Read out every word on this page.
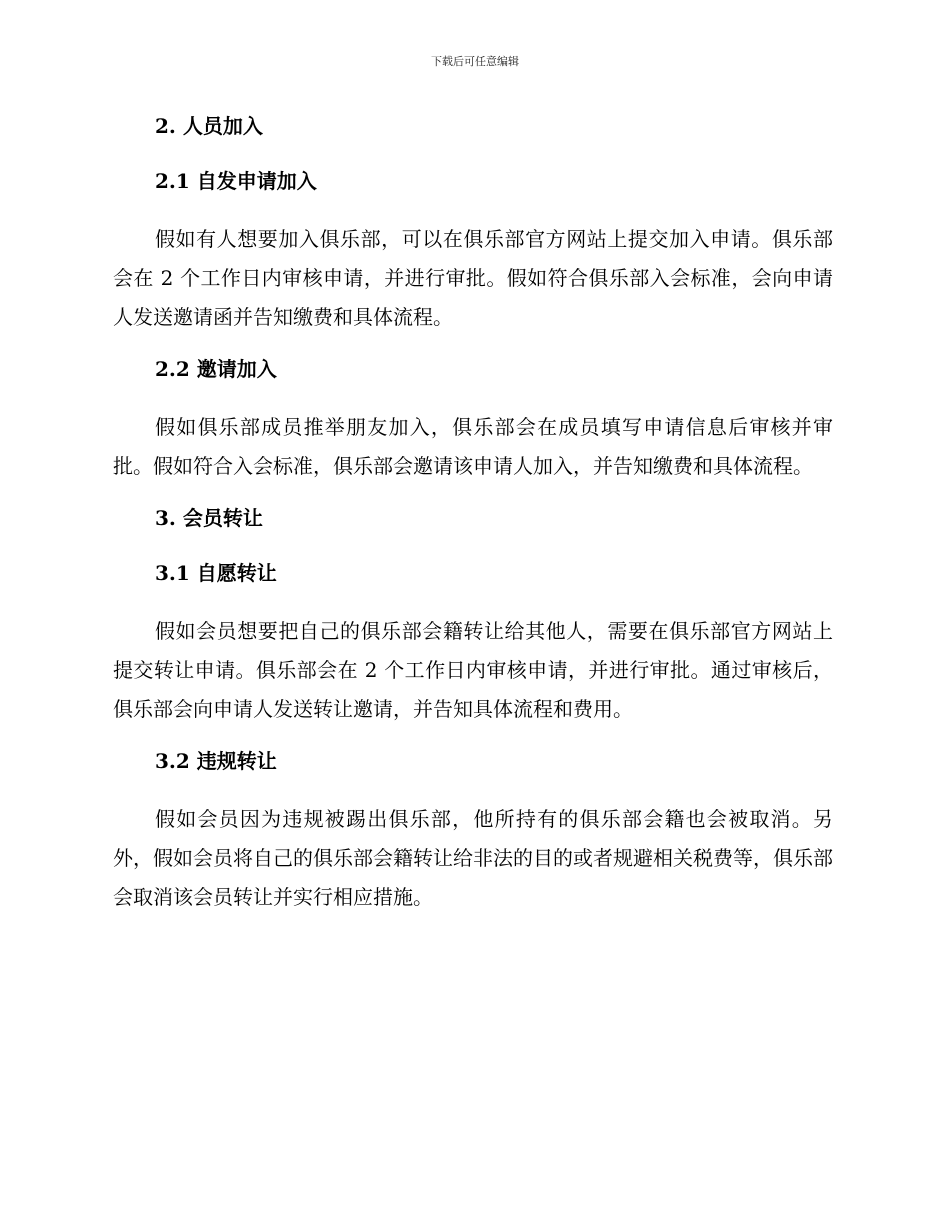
下载后可任意编辑
2. 人员加入
2.1 自发申请加入

假如有人想要加入俱乐部，可以在俱乐部官方网站上提交加入申请。俱乐部会在 2 个工作日内审核申请，并进行审批。假如符合俱乐部入会标准，会向申请人发送邀请函并告知缴费和具体流程。

2.2 邀请加入

假如俱乐部成员推举朋友加入，俱乐部会在成员填写申请信息后审核并审批。假如符合入会标准，俱乐部会邀请该申请人加入，并告知缴费和具体流程。

3. 会员转让
3.1 自愿转让

假如会员想要把自己的俱乐部会籍转让给其他人，需要在俱乐部官方网站上提交转让申请。俱乐部会在 2 个工作日内审核申请，并进行审批。通过审核后，俱乐部会向申请人发送转让邀请，并告知具体流程和费用。

3.2 违规转让

假如会员因为违规被踢出俱乐部，他所持有的俱乐部会籍也会被取消。另外，假如会员将自己的俱乐部会籍转让给非法的目的或者规避相关税费等，俱乐部会取消该会员转让并实行相应措施。
